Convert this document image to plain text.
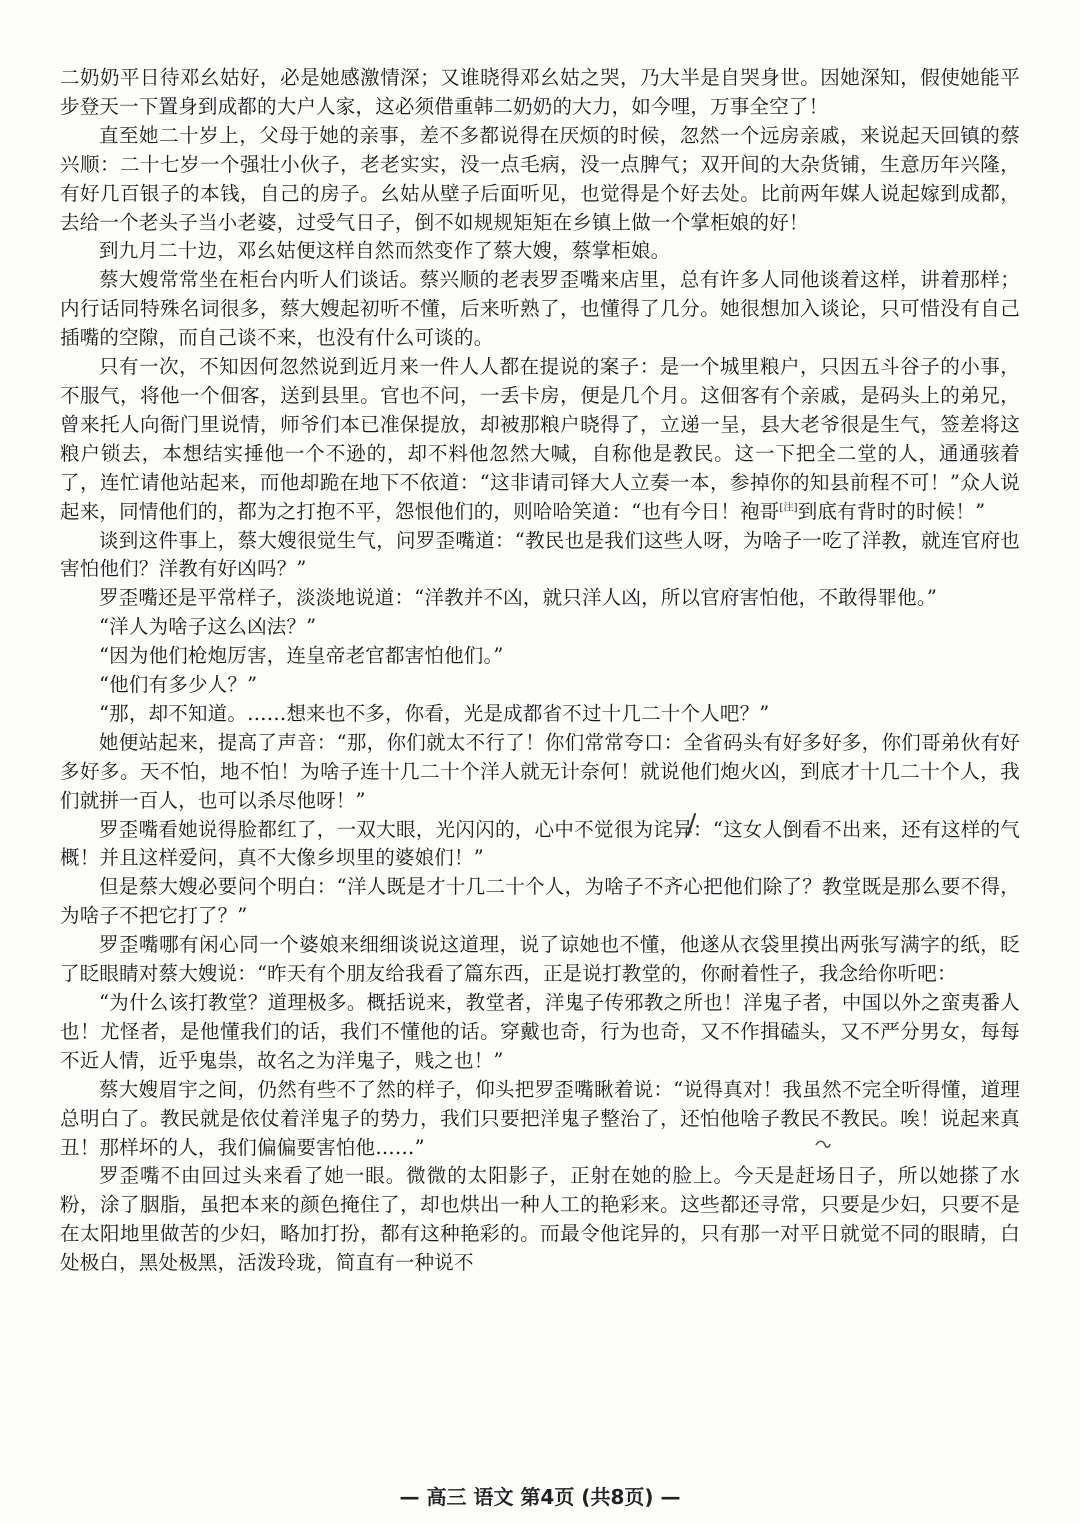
二奶奶平日待邓幺姑好，必是她感激情深；又谁晓得邓幺姑之哭，乃大半是自哭身世。因她深知，假使她能平步登天一下置身到成都的大户人家，这必须借重韩二奶奶的大力，如今哩，万事全空了！

直至她二十岁上，父母于她的亲事，差不多都说得在厌烦的时候，忽然一个远房亲戚，来说起天回镇的蔡兴顺：二十七岁一个强壮小伙子，老老实实，没一点毛病，没一点脾气；双开间的大杂货铺，生意历年兴隆，有好几百银子的本钱，自己的房子。幺姑从壁子后面听见，也觉得是个好去处。比前两年媒人说起嫁到成都，去给一个老头子当小老婆，过受气日子，倒不如规规矩矩在乡镇上做一个掌柜娘的好！

到九月二十边，邓幺姑便这样自然而然变作了蔡大嫂，蔡掌柜娘。

蔡大嫂常常坐在柜台内听人们谈话。蔡兴顺的老表罗歪嘴来店里，总有许多人同他谈着这样，讲着那样；内行话同特殊名词很多，蔡大嫂起初听不懂，后来听熟了，也懂得了几分。她很想加入谈论，只可惜没有自己插嘴的空隙，而自己谈不来，也没有什么可谈的。

只有一次，不知因何忽然说到近月来一件人人都在提说的案子：是一个城里粮户，只因五斗谷子的小事，不服气，将他一个佃客，送到县里。官也不问，一丢卡房，便是几个月。这佃客有个亲戚，是码头上的弟兄，曾来托人向衙门里说情，师爷们本已准保提放，却被那粮户晓得了，立递一呈，县大老爷很是生气，签差将这粮户锁去，本想结实捶他一个不逊的，却不料他忽然大喊，自称他是教民。这一下把全二堂的人，通通骇着了，连忙请他站起来，而他却跪在地下不依道：“这非请司铎大人立奏一本，参掉你的知县前程不可！”众人说起来，同情他们的，都为之打抱不平，怨恨他们的，则哈哈笑道：“也有今日！袍哥[注]到底有背时的时候！”

谈到这件事上，蔡大嫂很觉生气，问罗歪嘴道：“教民也是我们这些人呀，为啥子一吃了洋教，就连官府也害怕他们？洋教有好凶吗？”

罗歪嘴还是平常样子，淡淡地说道：“洋教并不凶，就只洋人凶，所以官府害怕他，不敢得罪他。”

“洋人为啥子这么凶法？”

“因为他们枪炮厉害，连皇帝老官都害怕他们。”

“他们有多少人？”

“那，却不知道。……想来也不多，你看，光是成都省不过十几二十个人吧？”

她便站起来，提高了声音：“那，你们就太不行了！你们常常夸口：全省码头有好多好多，你们哥弟伙有好多好多。天不怕，地不怕！为啥子连十几二十个洋人就无计奈何！就说他们炮火凶，到底才十几二十个人，我们就拼一百人，也可以杀尽他呀！”

罗歪嘴看她说得脸都红了，一双大眼，光闪闪的，心中不觉很为诧异：“这女人倒看不出来，还有这样的气概！并且这样爱问，真不大像乡坝里的婆娘们！”

但是蔡大嫂必要问个明白：“洋人既是才十几二十个人，为啥子不齐心把他们除了？教堂既是那么要不得，为啥子不把它打了？”

罗歪嘴哪有闲心同一个婆娘来细细谈说这道理，说了谅她也不懂，他遂从衣袋里摸出两张写满字的纸，眨了眨眼睛对蔡大嫂说：“昨天有个朋友给我看了篇东西，正是说打教堂的，你耐着性子，我念给你听吧：

“为什么该打教堂？道理极多。概括说来，教堂者，洋鬼子传邪教之所也！洋鬼子者，中国以外之蛮夷番人也！尤怪者，是他懂我们的话，我们不懂他的话。穿戴也奇，行为也奇，又不作揖磕头，又不严分男女，每每不近人情，近乎鬼祟，故名之为洋鬼子，贱之也！”

蔡大嫂眉宇之间，仍然有些不了然的样子，仰头把罗歪嘴瞅着说：“说得真对！我虽然不完全听得懂，道理总明白了。教民就是依仗着洋鬼子的势力，我们只要把洋鬼子整治了，还怕他啥子教民不教民。唉！说起来真丑！那样坏的人，我们偏偏要害怕他……”

罗歪嘴不由回过头来看了她一眼。微微的太阳影子，正射在她的脸上。今天是赶场日子，所以她搽了水粉，涂了胭脂，虽把本来的颜色掩住了，却也烘出一种人工的艳彩来。这些都还寻常，只要是少妇，只要不是在太阳地里做苦的少妇，略加打扮，都有这种艳彩的。而最令他诧异的，只有那一对平日就觉不同的眼睛，白处极白，黑处极黑，活泼玲珑，简直有一种说不

— 高三 语文 第4页 (共8页) —
